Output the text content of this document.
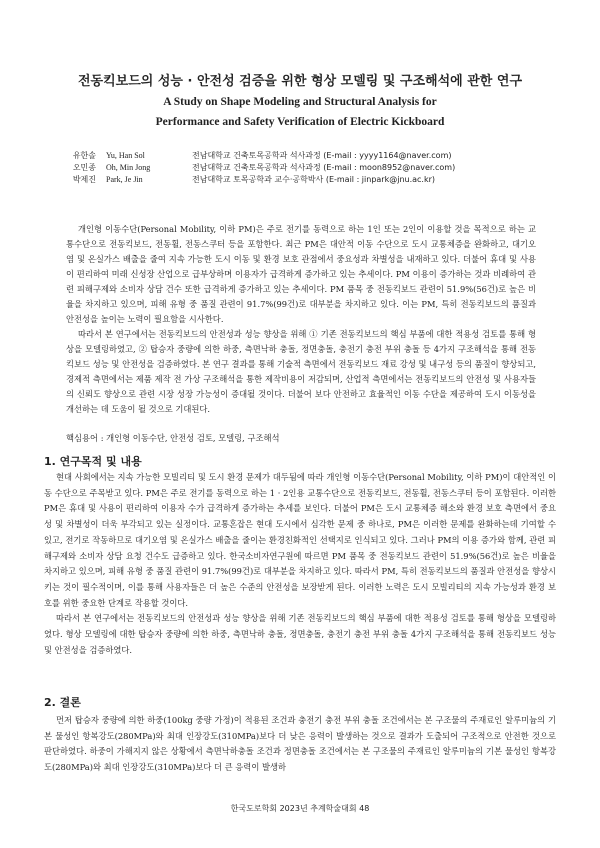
전동킥보드의 성능 · 안전성 검증을 위한 형상 모델링 및 구조해석에 관한 연구
A Study on Shape Modeling and Structural Analysis for
Performance and Safety Verification of Electric Kickboard
유한솔	Yu, Han Sol	전남대학교 건축토목공학과 석사과정 (E-mail : yyyy1164@naver.com)
오민종	Oh, Min Jong	전남대학교 건축토목공학과 석사과정 (E-mail : moon8952@naver.com)
박제진	Park, Je Jin	전남대학교 토목공학과 교수·공학박사 (E-mail : jinpark@jnu.ac.kr)

개인형 이동수단(Personal Mobility, 이하 PM)은 주로 전기를 동력으로 하는 1인 또는 2인이 이용할 것을 목적으로 하는 교통수단으로 전동킥보드, 전동휠, 전동스쿠터 등을 포함한다. 최근 PM은 대안적 이동 수단으로 도시 교통체증을 완화하고, 대기오염 및 온실가스 배출을 줄여 지속 가능한 도시 이동 및 환경 보호 관점에서 중요성과 차별성을 내재하고 있다. 더불어 휴대 및 사용이 편리하여 미래 신성장 산업으로 급부상하며 이용자가 급격하게 증가하고 있는 추세이다. PM 이용이 증가하는 것과 비례하여 관련 피해구제와 소비자 상담 건수 또한 급격하게 증가하고 있는 추세이다. PM 품목 중 전동킥보드 관련이 51.9%(56건)로 높은 비율을 차지하고 있으며, 피해 유형 중 품질 관련이 91.7%(99건)로 대부분을 차지하고 있다. 이는 PM, 특히 전동킥보드의 품질과 안전성을 높이는 노력이 필요함을 시사한다.

따라서 본 연구에서는 전동킥보드의 안전성과 성능 향상을 위해 ① 기존 전동킥보드의 핵심 부품에 대한 적용성 검토를 통해 형상을 모델링하였고, ② 탑승자 중량에 의한 하중, 측면낙하 충돌, 정면충돌, 충전기 충전 부위 충돌 등 4가지 구조해석을 통해 전동킥보드 성능 및 안전성을 검증하였다. 본 연구 결과를 통해 기술적 측면에서 전동킥보드 재료 강성 및 내구성 등의 품질이 향상되고, 경제적 측면에서는 제품 제작 전 가상 구조해석을 통한 제작비용이 저감되며, 산업적 측면에서는 전동킥보드의 안전성 및 사용자들의 신뢰도 향상으로 관련 시장 성장 가능성이 증대될 것이다. 더불어 보다 안전하고 효율적인 이동 수단을 제공하여 도시 이동성을 개선하는 데 도움이 될 것으로 기대된다.

핵심용어 : 개인형 이동수단, 안전성 검토, 모델링, 구조해석
1. 연구목적 및 내용

현대 사회에서는 지속 가능한 모빌리티 및 도시 환경 문제가 대두됨에 따라 개인형 이동수단(Personal Mobility, 이하 PM)이 대안적인 이동 수단으로 주목받고 있다. PM은 주로 전기를 동력으로 하는 1 · 2인용 교통수단으로 전동킥보드, 전동휠, 전동스쿠터 등이 포함된다. 이러한 PM은 휴대 및 사용이 편리하여 이용자 수가 급격하게 증가하는 추세를 보인다. 더불어 PM은 도시 교통체증 해소와 환경 보호 측면에서 중요성 및 차별성이 더욱 부각되고 있는 실정이다. 교통혼잡은 현대 도시에서 심각한 문제 중 하나로, PM은 이러한 문제를 완화하는데 기여할 수 있고, 전기로 작동하므로 대기오염 및 온실가스 배출을 줄이는 환경친화적인 선택지로 인식되고 있다. 그러나 PM의 이용 증가와 함께, 관련 피해구제와 소비자 상담 요청 건수도 급증하고 있다. 한국소비자연구원에 따르면 PM 품목 중 전동킥보드 관련이 51.9%(56건)로 높은 비율을 차지하고 있으며, 피해 유형 중 품질 관련이 91.7%(99건)로 대부분을 차지하고 있다. 따라서 PM, 특히 전동킥보드의 품질과 안전성을 향상시키는 것이 필수적이며, 이를 통해 사용자들은 더 높은 수준의 안전성을 보장받게 된다. 이러한 노력은 도시 모빌리티의 지속 가능성과 환경 보호를 위한 중요한 단계로 작용할 것이다.

따라서 본 연구에서는 전동킥보드의 안전성과 성능 향상을 위해 기존 전동킥보드의 핵심 부품에 대한 적용성 검토를 통해 형상을 모델링하였다. 형상 모델링에 대한 탑승자 중량에 의한 하중, 측면낙하 충돌, 정면충돌, 충전기 충전 부위 충돌 4가지 구조해석을 통해 전동킥보드 성능 및 안전성을 검증하였다.

2. 결론

먼저 탑승자 중량에 의한 하중(100kg 중량 가정)이 적용된 조건과 충전기 충전 부위 충돌 조건에서는 본 구조물의 주재료인 알루미늄의 기본 물성인 항복강도(280MPa)와 최대 인장강도(310MPa)보다 더 낮은 응력이 발생하는 것으로 결과가 도출되어 구조적으로 안전한 것으로 판단하였다. 하중이 가해지지 않은 상황에서 측면낙하충돌 조건과 정면충돌 조건에서는 본 구조물의 주재료인 알루미늄의 기본 물성인 항복강도(280MPa)와 최대 인장강도(310MPa)보다 더 큰 응력이 발생하

한국도로학회 2023년 추계학술대회 48
